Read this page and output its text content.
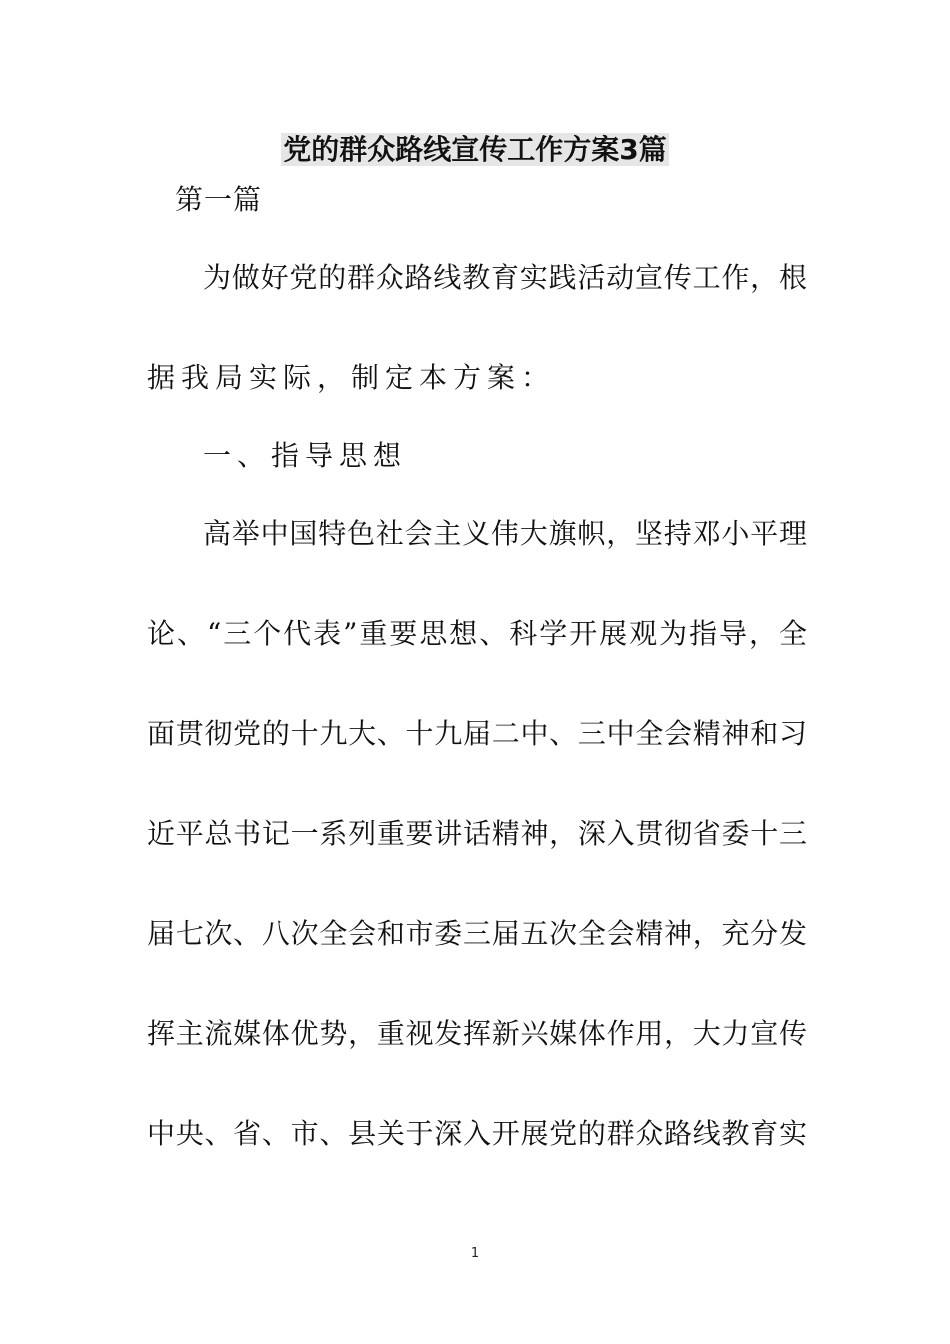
党的群众路线宣传工作方案3篇

第一篇

为做好党的群众路线教育实践活动宣传工作，根

据我局实际，制定本方案：

一、指导思想

高举中国特色社会主义伟大旗帜，坚持邓小平理

论、“三个代表”重要思想、科学开展观为指导，全

面贯彻党的十九大、十九届二中、三中全会精神和习

近平总书记一系列重要讲话精神，深入贯彻省委十三

届七次、八次全会和市委三届五次全会精神，充分发

挥主流媒体优势，重视发挥新兴媒体作用，大力宣传

中央、省、市、县关于深入开展党的群众路线教育实

1
